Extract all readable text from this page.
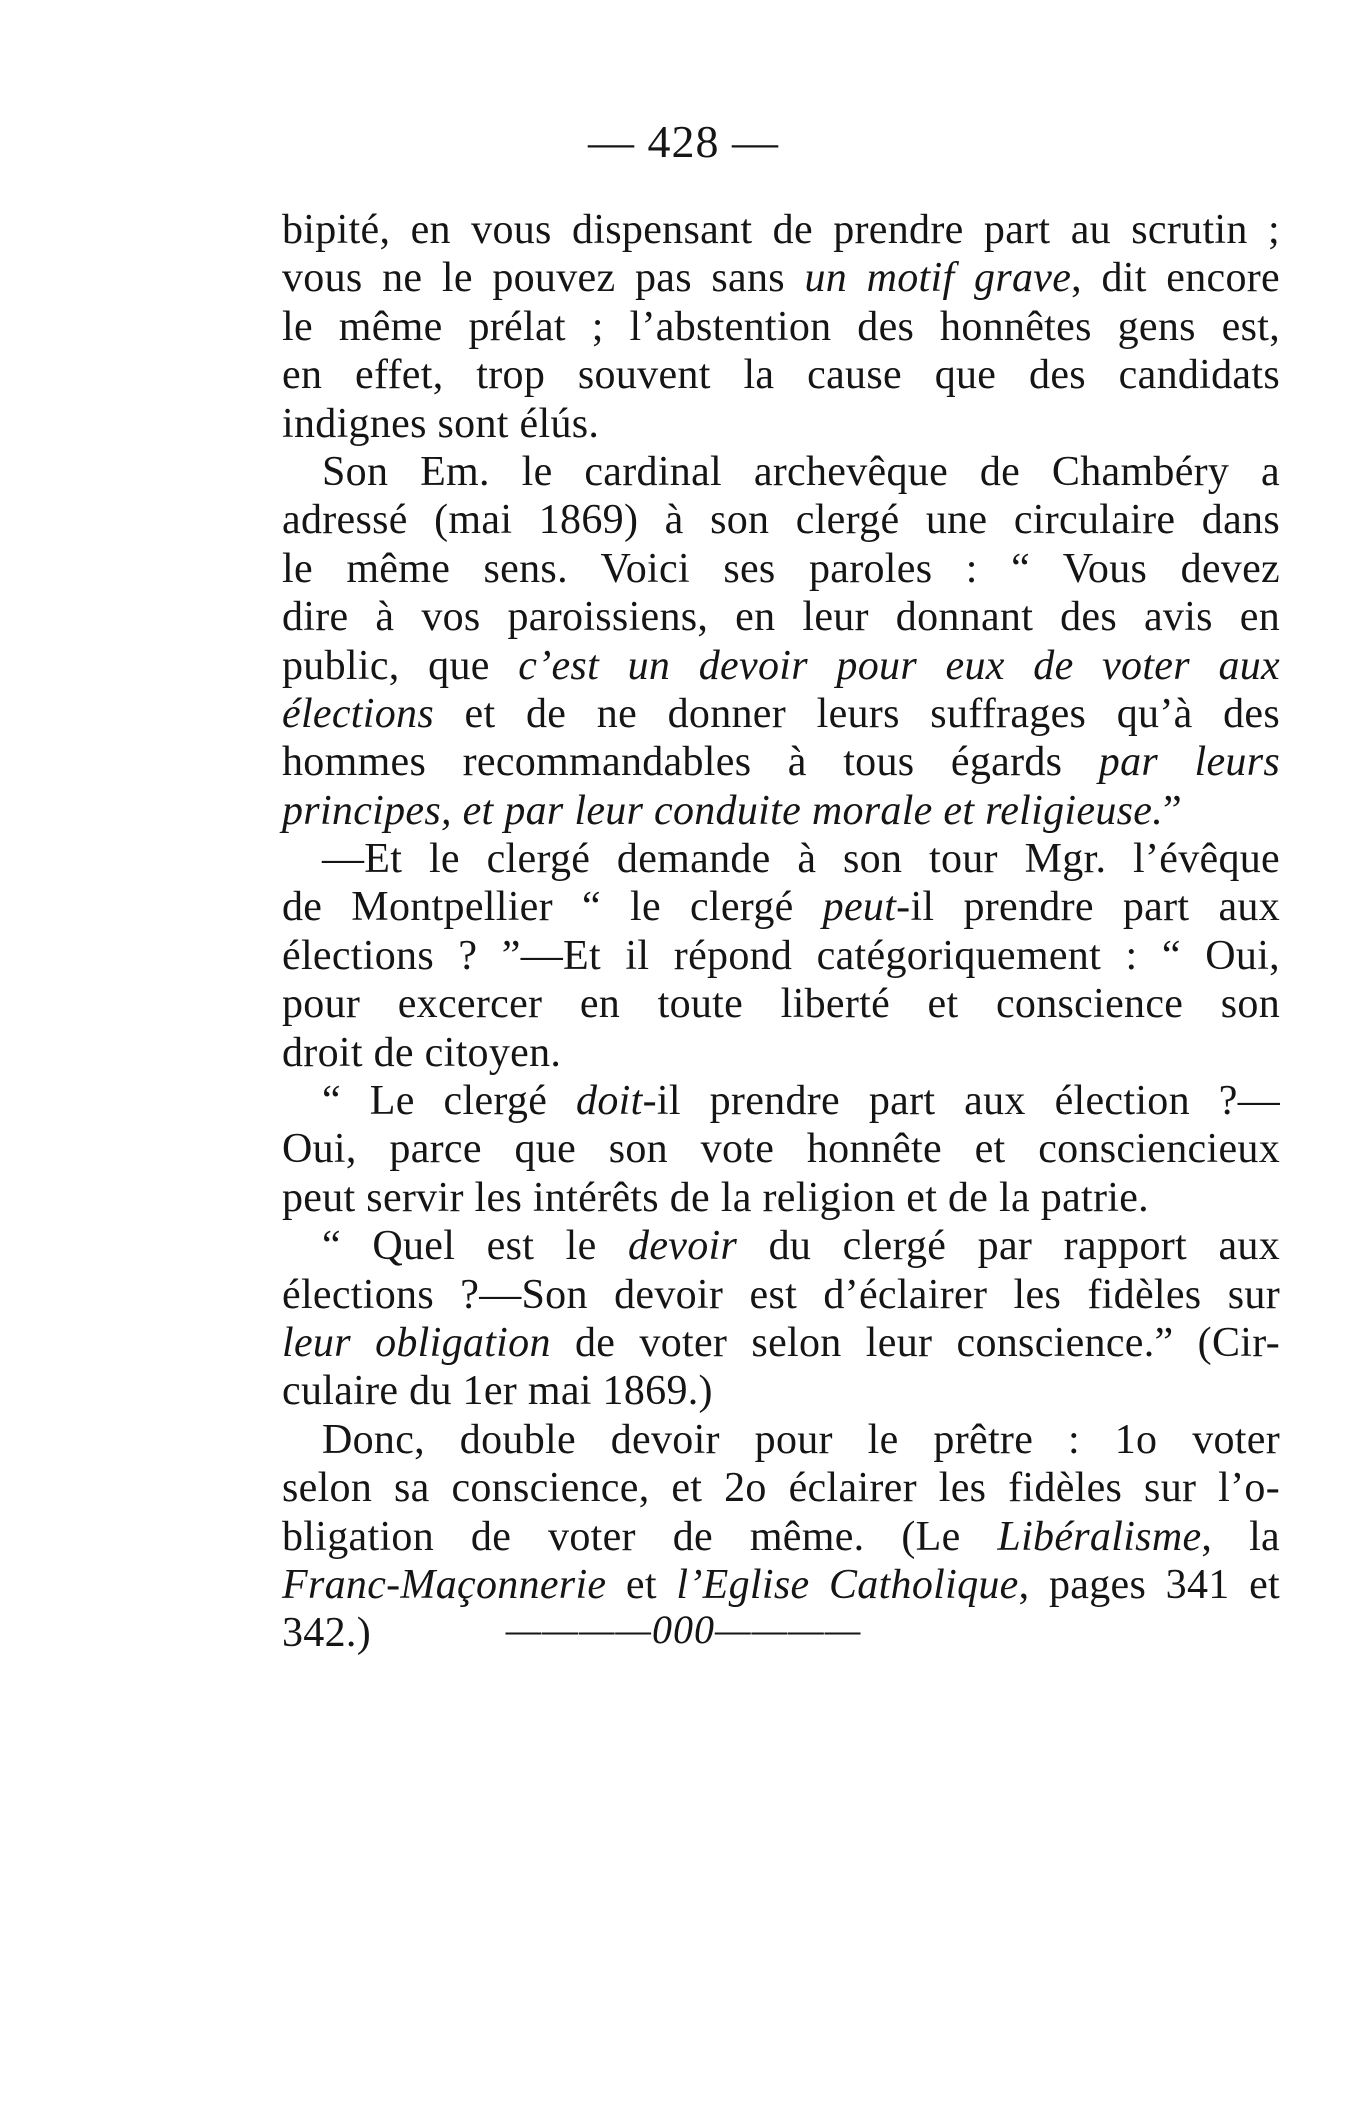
— 428 —
bipité, en vous dispensant de prendre part au scrutin ;
vous ne le pouvez pas sans un motif grave, dit encore
le même prélat ; l’abstention des honnêtes gens est,
en effet, trop souvent la cause que des candidats
indignes sont élús.
Son Em. le cardinal archevêque de Chambéry a
adressé (mai 1869) à son clergé une circulaire dans
le même sens. Voici ses paroles : “ Vous devez
dire à vos paroissiens, en leur donnant des avis en
public, que c’est un devoir pour eux de voter aux
élections et de ne donner leurs suffrages qu’à des
hommes recommandables à tous égards par leurs
principes, et par leur conduite morale et religieuse.”
—Et le clergé demande à son tour Mgr. l’évêque
de Montpellier “ le clergé peut-il prendre part aux
élections ? ”—Et il répond catégoriquement : “ Oui,
pour excercer en toute liberté et conscience son
droit de citoyen.
“ Le clergé doit-il prendre part aux élection ?—
Oui, parce que son vote honnête et consciencieux
peut servir les intérêts de la religion et de la patrie.
“ Quel est le devoir du clergé par rapport aux
élections ?—Son devoir est d’éclairer les fidèles sur
leur obligation de voter selon leur conscience.” (Cir-
culaire du 1er mai 1869.)
Donc, double devoir pour le prêtre : 1o voter
selon sa conscience, et 2o éclairer les fidèles sur l’o-
bligation de voter de même. (Le Libéralisme, la
Franc-Maçonnerie et l’Eglise Catholique, pages 341 et
342.)	————000————
